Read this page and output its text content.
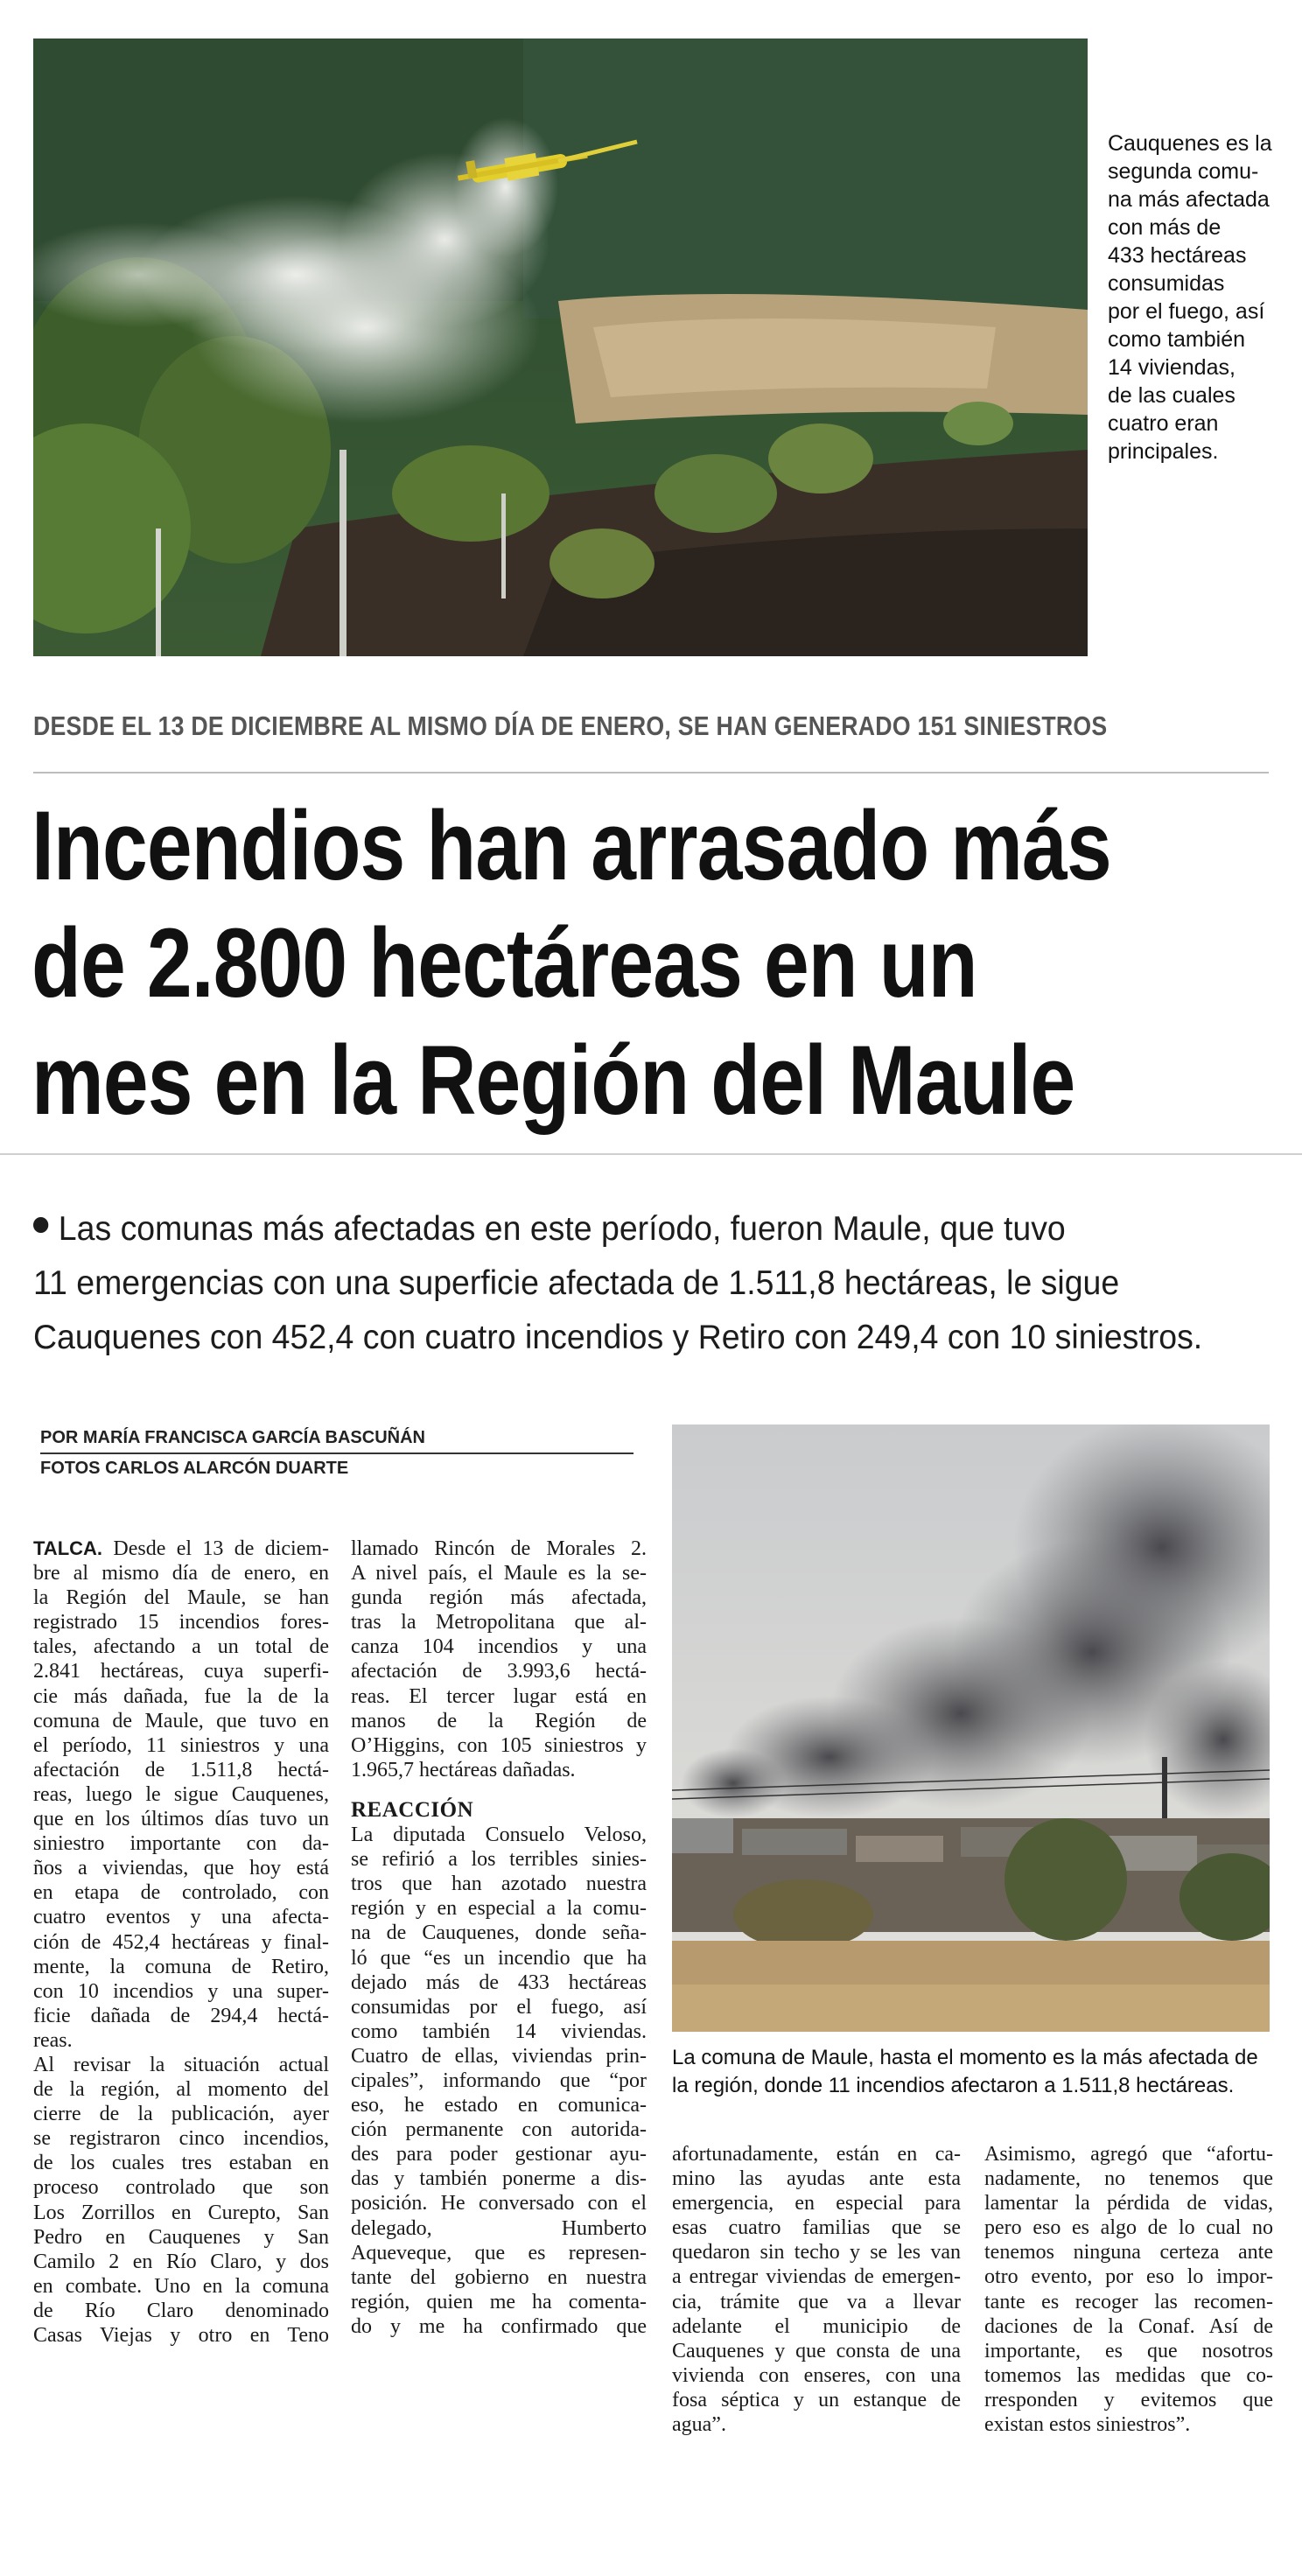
Cauquenes es la
segunda comu-
na más afectada
con más de
433 hectáreas
consumidas
por el fuego, así
como también
14 viviendas,
de las cuales
cuatro eran
principales.
DESDE EL 13 DE DICIEMBRE AL MISMO DÍA DE ENERO, SE HAN GENERADO 151 SINIESTROS
Incendios han arrasado más
de 2.800 hectáreas en un
mes en la Región del Maule
Las comunas más afectadas en este período, fueron Maule, que tuvo
11 emergencias con una superficie afectada de 1.511,8 hectáreas, le sigue
Cauquenes con 452,4 con cuatro incendios y Retiro con 249,4 con 10 siniestros.
POR MARÍA FRANCISCA GARCÍA BASCUÑÁN
FOTOS CARLOS ALARCÓN DUARTE
La comuna de Maule, hasta el momento es la más afectada de
la región, donde 11 incendios afectaron a 1.511,8 hectáreas.
TALCA. Desde el 13 de diciem-
bre al mismo día de enero, en
la Región del Maule, se han
registrado 15 incendios fores-
tales, afectando a un total de
2.841 hectáreas, cuya superfi-
cie más dañada, fue la de la
comuna de Maule, que tuvo en
el período, 11 siniestros y una
afectación de 1.511,8 hectá-
reas, luego le sigue Cauquenes,
que en los últimos días tuvo un
siniestro importante con da-
ños a viviendas, que hoy está
en etapa de controlado, con
cuatro eventos y una afecta-
ción de 452,4 hectáreas y final-
mente, la comuna de Retiro,
con 10 incendios y una super-
ficie dañada de 294,4 hectá-
reas.
Al revisar la situación actual
de la región, al momento del
cierre de la publicación, ayer
se registraron cinco incendios,
de los cuales tres estaban en
proceso controlado que son
Los Zorrillos en Curepto, San
Pedro en Cauquenes y San
Camilo 2 en Río Claro, y dos
en combate. Uno en la comuna
de Río Claro denominado
Casas Viejas y otro en Teno
llamado Rincón de Morales 2.
A nivel país, el Maule es la se-
gunda región más afectada,
tras la Metropolitana que al-
canza 104 incendios y una
afectación de 3.993,6 hectá-
reas. El tercer lugar está en
manos de la Región de
O’Higgins, con 105 siniestros y
1.965,7 hectáreas dañadas.
REACCIÓN
La diputada Consuelo Veloso,
se refirió a los terribles sinies-
tros que han azotado nuestra
región y en especial a la comu-
na de Cauquenes, donde seña-
ló que “es un incendio que ha
dejado más de 433 hectáreas
consumidas por el fuego, así
como también 14 viviendas.
Cuatro de ellas, viviendas prin-
cipales”, informando que “por
eso, he estado en comunica-
ción permanente con autorida-
des para poder gestionar ayu-
das y también ponerme a dis-
posición. He conversado con el
delegado, Humberto
Aqueveque, que es represen-
tante del gobierno en nuestra
región, quien me ha comenta-
do y me ha confirmado que
afortunadamente, están en ca-
mino las ayudas ante esta
emergencia, en especial para
esas cuatro familias que se
quedaron sin techo y se les van
a entregar viviendas de emergen-
cia, trámite que va a llevar
adelante el municipio de
Cauquenes y que consta de una
vivienda con enseres, con una
fosa séptica y un estanque de
agua”.
Asimismo, agregó que “afortu-
nadamente, no tenemos que
lamentar la pérdida de vidas,
pero eso es algo de lo cual no
tenemos ninguna certeza ante
otro evento, por eso lo impor-
tante es recoger las recomen-
daciones de la Conaf. Así de
importante, es que nosotros
tomemos las medidas que co-
rresponden y evitemos que
existan estos siniestros”.
